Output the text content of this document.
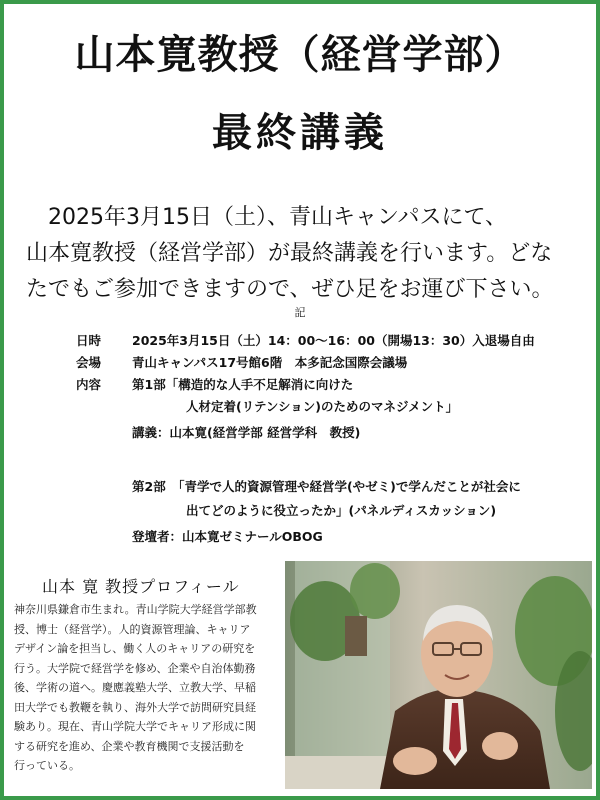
山本寛教授（経営学部）
最終講義
2025年3月15日（土）、青山キャンパスにて、
山本寛教授（経営学部）が最終講義を行います。どな
たでもご参加できますので、ぜひ足をお運び下さい。
記
日時 2025年3月15日（土）14：00～16：00（開場13：30）入退場自由
会場 青山キャンパス17号館6階　本多記念国際会議場
内容 第1部「構造的な人手不足解消に向けた
人材定着(リテンション)のためのマネジメント」
講義：山本寛(経営学部 経営学科　教授)
第2部　「青学で人的資源管理や経営学(やゼミ)で学んだことが社会に
出てどのように役立ったか」(パネルディスカッション)
登壇者：山本寛ゼミナールOBOG
山本 寛 教授プロフィール
神奈川県鎌倉市生まれ。青山学院大学経営学部教
授、博士（経営学）。人的資源管理論、キャリア
デザイン論を担当し、働く人のキャリアの研究を
行う。大学院で経営学を修め、企業や自治体勤務
後、学術の道へ。慶應義塾大学、立教大学、早稲
田大学でも教鞭を執り、海外大学で訪問研究員経
験あり。現在、青山学院大学でキャリア形成に関
する研究を進め、企業や教育機関で支援活動を
行っている。
